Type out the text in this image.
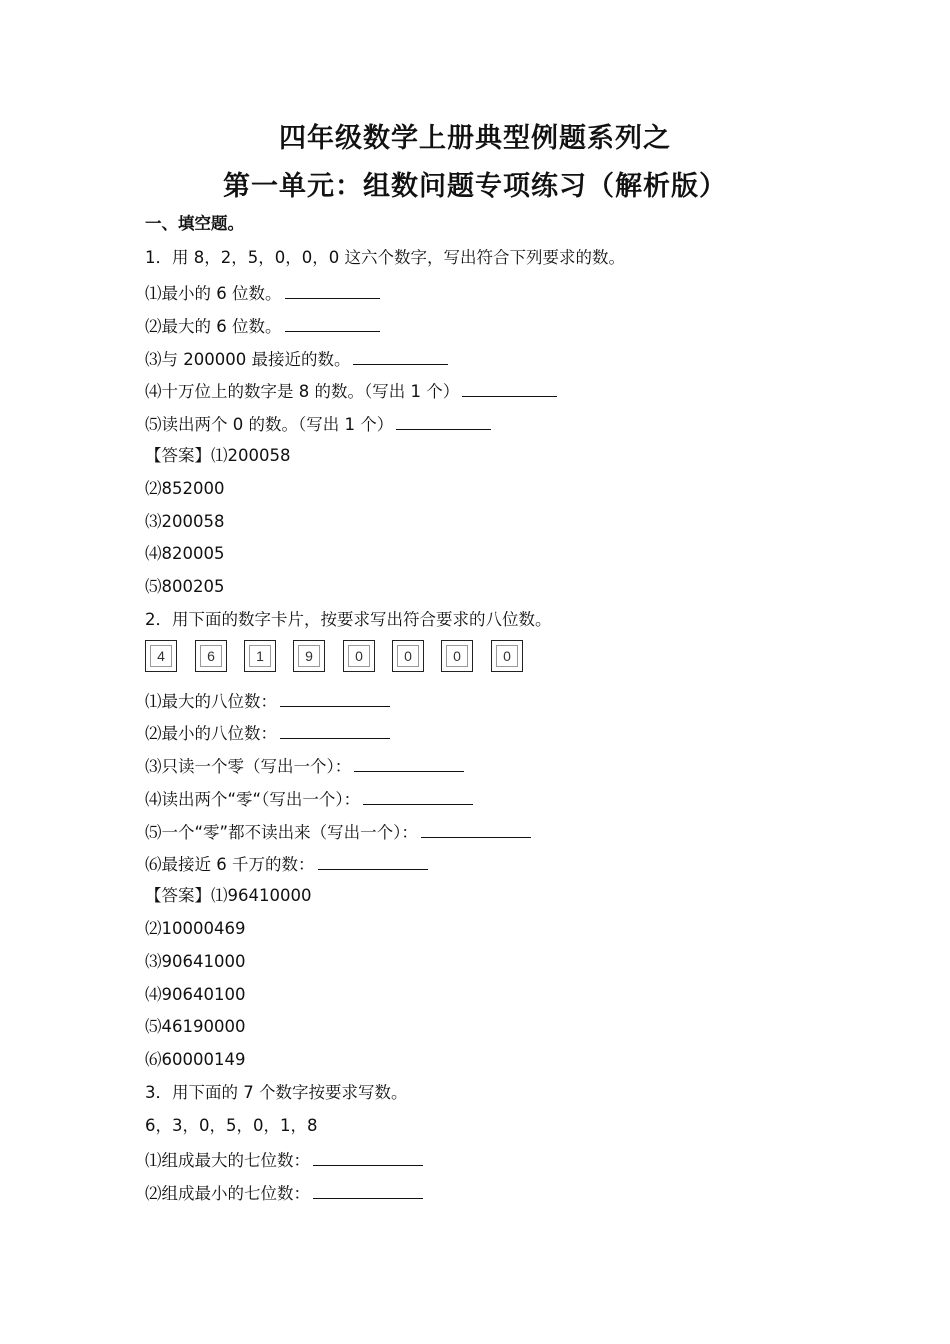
四年级数学上册典型例题系列之
第一单元：组数问题专项练习（解析版）

一、填空题。

1．用 8，2，5，0，0，0 这六个数字，写出符合下列要求的数。

⑴最小的 6 位数。

⑵最大的 6 位数。

⑶与 200000 最接近的数。

⑷十万位上的数字是 8 的数。（写出 1 个）

⑸读出两个 0 的数。（写出 1 个）

【答案】⑴200058

⑵852000

⑶200058

⑷820005

⑸800205

2．用下面的数字卡片，按要求写出符合要求的八位数。

4	6	1	9	0	0	0	0

⑴最大的八位数：

⑵最小的八位数：

⑶只读一个零（写出一个）：

⑷读出两个“零“（写出一个）：

⑸一个“零”都不读出来（写出一个）：

⑹最接近 6 千万的数：

【答案】⑴96410000

⑵10000469

⑶90641000

⑷90640100

⑸46190000

⑹60000149

3．用下面的 7 个数字按要求写数。

6，3，0，5，0，1，8

⑴组成最大的七位数：

⑵组成最小的七位数：
